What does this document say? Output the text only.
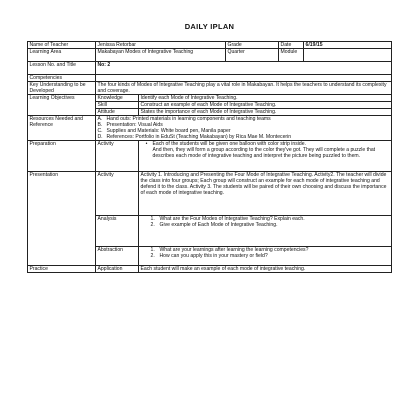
DAILY IPLAN
Name of Teacher	Jenissa Retorbar		Grade	Date	6/19/15
Learning Area	Makabayan Modes of Integrative Teaching		Quarter	Module	
Lesson No. and Title	No: 2				
Competencies					
Key Understanding to be Developed	The four kinds of Modes of Integrative Teaching play a vital role in Makabayan. It helps the teachers to understand its complexity and coverage.				
Learning Objectives	Knowledge	Identify each Mode of Integrative Teaching.			
	Skill	Construct an example of each Mode of Integrative Teaching.			
	Attitude	States the importance of each Mode of Integrative Teaching.			
Resources Needed and Reference	A. Hand outs: Printed materials in learning components and teaching teams
B. Presentation: Visual Aids
C. Supplies and Materials: White board pen, Manila paper
D. References: Portfolio in EduSt (Teaching Makabayan) by Rica Mae M. Montecerin				

Preparation	Activity	• Each of the students will be given one balloon with color strip inside.
And then, they will form a group according to the color they've got. They will complete a puzzle that describes each mode of integrative teaching and interpret the picture being puzzled to them.			

Presentation	Activity	Activity 1. Introducing and Presenting the Four Mode of Integrative Teaching. Activity2. The teacher will divide the class into four groups; Each group will construct an example for each mode of integrative teaching and defend it to the class. Activity 3. The students will be paired of their own choosing and discuss the importance of each mode of integrative teaching.			
	Analysis	1. What are the Four Modes of Integrative Teaching? Explain each.
2. Give example of Each Mode of Integrative Teaching.			

	Abstraction	1. What are your learnings after learning the learning competencies?
2. How can you apply this in your mastery or field?			

Practice	Application	Each student will make an example of each mode of integrative teaching.			
